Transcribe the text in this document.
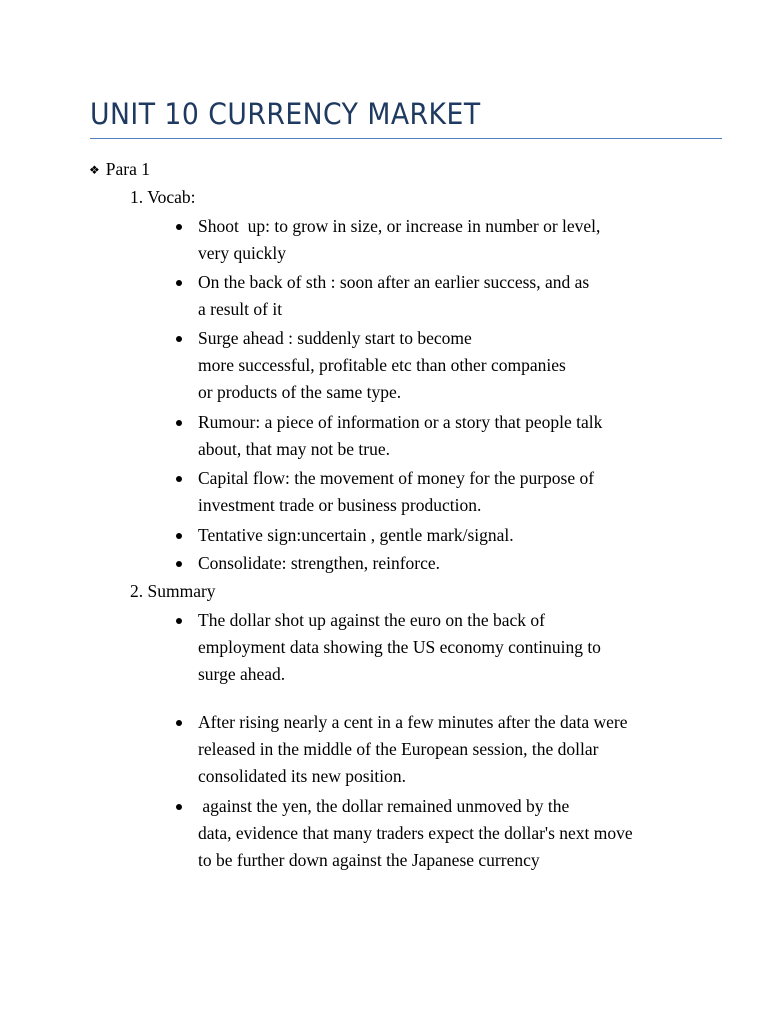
UNIT 10 CURRENCY MARKET
❖ Para 1
1. Vocab:
Shoot  up: to grow in size, or increase in number or level,
very quickly
On the back of sth : soon after an earlier success, and as
a result of it
Surge ahead : suddenly start to become
more successful, profitable etc than other companies
or products of the same type.
Rumour: a piece of information or a story that people talk
about, that may not be true.
Capital flow: the movement of money for the purpose of
investment trade or business production.
Tentative sign:uncertain , gentle mark/signal.
Consolidate: strengthen, reinforce.
2. Summary
The dollar shot up against the euro on the back of
employment data showing the US economy continuing to
surge ahead.
After rising nearly a cent in a few minutes after the data were
released in the middle of the European session, the dollar
consolidated its new position.
against the yen, the dollar remained unmoved by the
data, evidence that many traders expect the dollar's next move
to be further down against the Japanese currency
